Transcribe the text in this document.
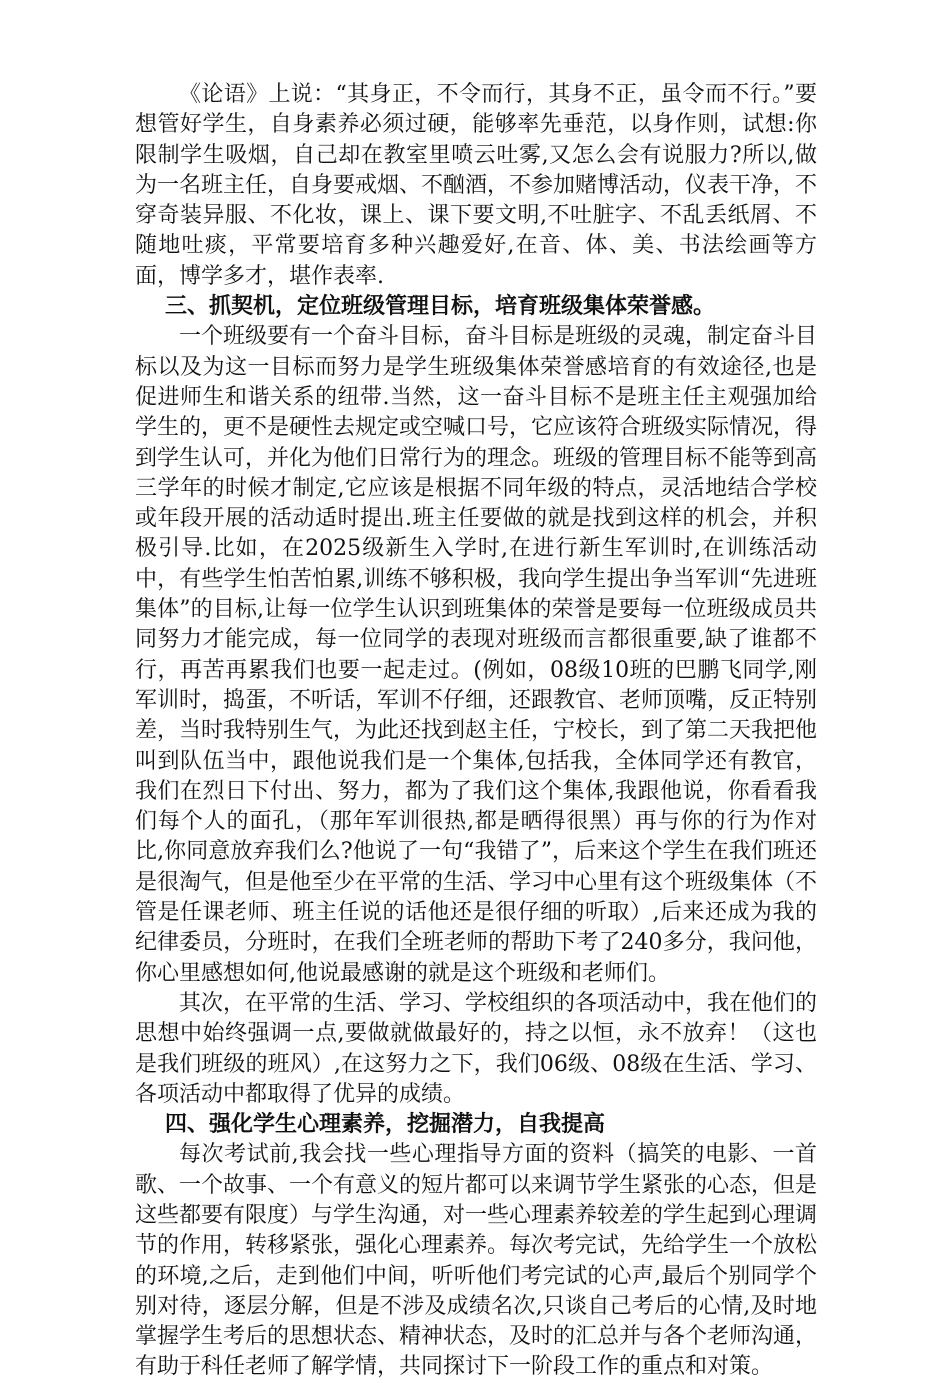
《论语》上说：“其身正，不令而行，其身不正，虽令而不行。”要想管好学生，自身素养必须过硬，能够率先垂范，以身作则，试想:你限制学生吸烟，自己却在教室里喷云吐雾,又怎么会有说服力?所以,做为一名班主任，自身要戒烟、不酗酒，不参加赌博活动，仪表干净，不穿奇装异服、不化妆，课上、课下要文明,不吐脏字、不乱丢纸屑、不随地吐痰，平常要培育多种兴趣爱好,在音、体、美、书法绘画等方面，博学多才，堪作表率.

三、抓契机，定位班级管理目标，培育班级集体荣誉感。

一个班级要有一个奋斗目标，奋斗目标是班级的灵魂，制定奋斗目标以及为这一目标而努力是学生班级集体荣誉感培育的有效途径,也是促进师生和谐关系的纽带.当然，这一奋斗目标不是班主任主观强加给学生的，更不是硬性去规定或空喊口号，它应该符合班级实际情况，得到学生认可，并化为他们日常行为的理念。班级的管理目标不能等到高三学年的时候才制定,它应该是根据不同年级的特点，灵活地结合学校或年段开展的活动适时提出.班主任要做的就是找到这样的机会，并积极引导.比如，在2025级新生入学时,在进行新生军训时,在训练活动中，有些学生怕苦怕累,训练不够积极，我向学生提出争当军训“先进班集体”的目标,让每一位学生认识到班集体的荣誉是要每一位班级成员共同努力才能完成，每一位同学的表现对班级而言都很重要,缺了谁都不行，再苦再累我们也要一起走过。(例如，08级10班的巴鹏飞同学,刚军训时，捣蛋，不听话，军训不仔细，还跟教官、老师顶嘴，反正特别差，当时我特别生气，为此还找到赵主任，宁校长，到了第二天我把他叫到队伍当中，跟他说我们是一个集体,包括我，全体同学还有教官，我们在烈日下付出、努力，都为了我们这个集体,我跟他说，你看看我们每个人的面孔，（那年军训很热,都是晒得很黑）再与你的行为作对比,你同意放弃我们么?他说了一句“我错了”，后来这个学生在我们班还是很淘气，但是他至少在平常的生活、学习中心里有这个班级集体（不管是任课老师、班主任说的话他还是很仔细的听取）,后来还成为我的纪律委员，分班时，在我们全班老师的帮助下考了240多分，我问他，你心里感想如何,他说最感谢的就是这个班级和老师们。

其次，在平常的生活、学习、学校组织的各项活动中，我在他们的思想中始终强调一点,要做就做最好的，持之以恒，永不放弃！（这也是我们班级的班风）,在这努力之下，我们06级、08级在生活、学习、各项活动中都取得了优异的成绩。

四、强化学生心理素养，挖掘潜力，自我提高

每次考试前,我会找一些心理指导方面的资料（搞笑的电影、一首歌、一个故事、一个有意义的短片都可以来调节学生紧张的心态，但是这些都要有限度）与学生沟通，对一些心理素养较差的学生起到心理调节的作用，转移紧张，强化心理素养。每次考完试，先给学生一个放松的环境,之后，走到他们中间，听听他们考完试的心声,最后个别同学个别对待，逐层分解，但是不涉及成绩名次,只谈自己考后的心情,及时地掌握学生考后的思想状态、精神状态，及时的汇总并与各个老师沟通，有助于科任老师了解学情，共同探讨下一阶段工作的重点和对策。
